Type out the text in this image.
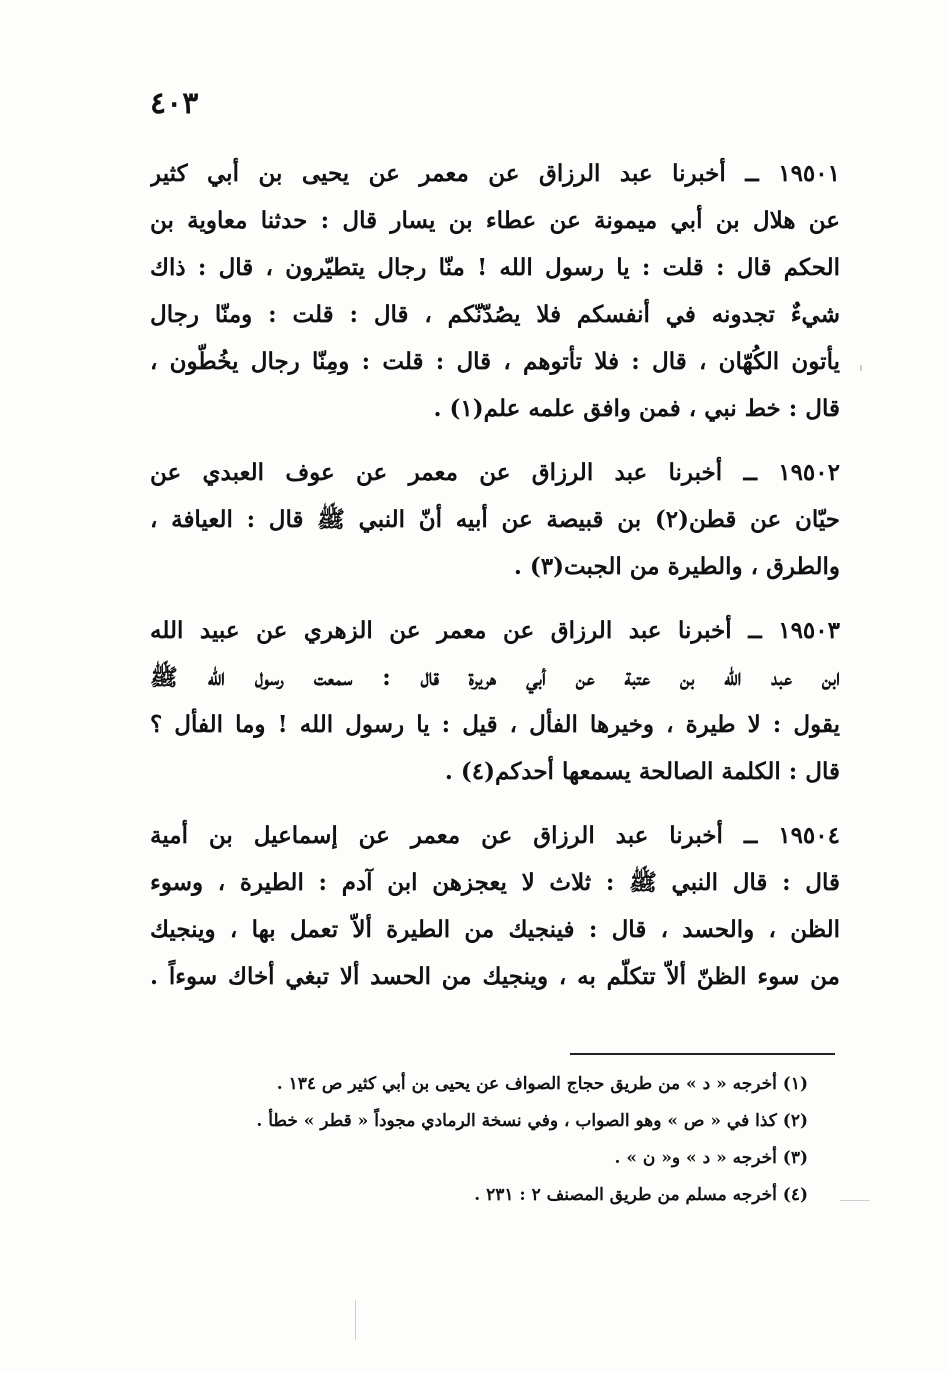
٤٠٣
١٩٥٠١ ــ أخبرنا عبد الرزاق عن معمر عن يحيى بن أبي كثير
عن هلال بن أبي ميمونة عن عطاء بن يسار قال : حدثنا معاوية بن
الحكم قال : قلت : يا رسول الله ! منّا رجال يتطيّرون ، قال : ذاك
شيءٌ تجدونه في أنفسكم فلا يصُدّنّكم ، قال : قلت : ومنّا رجال
يأتون الكُهّان ، قال : فلا تأتوهم ، قال : قلت : ومِنّا رجال يخُطّون ،
قال : خط نبي ، فمن وافق علمه علم(١) .
١٩٥٠٢ ــ أخبرنا عبد الرزاق عن معمر عن عوف العبدي عن
حيّان عن قطن(٢) بن قبيصة عن أبيه أنّ النبي ﷺ قال : العيافة ،
والطرق ، والطيرة من الجبت(٣) .
١٩٥٠٣ ــ أخبرنا عبد الرزاق عن معمر عن الزهري عن عبيد الله
ابن عبد الله بن عتبة عن أبي هريرة قال : سمعت رسول الله ﷺ
يقول : لا طيرة ، وخيرها الفأل ، قيل : يا رسول الله ! وما الفأل ؟
قال : الكلمة الصالحة يسمعها أحدكم(٤) .
١٩٥٠٤ ــ أخبرنا عبد الرزاق عن معمر عن إسماعيل بن أمية
قال : قال النبي ﷺ : ثلاث لا يعجزهن ابن آدم : الطيرة ، وسوء
الظن ، والحسد ، قال : فينجيك من الطيرة ألاّ تعمل بها ، وينجيك
من سوء الظنّ ألاّ تتكلّم به ، وينجيك من الحسد ألا تبغي أخاك سوءاً .
(١) أخرجه « د » من طريق حجاج الصواف عن يحيى بن أبي كثير ص ١٣٤ .
(٢) كذا في « ص » وهو الصواب ، وفي نسخة الرمادي مجوداً « قطر » خطأ .
(٣) أخرجه « د » و« ن » .
(٤) أخرجه مسلم من طريق المصنف ٢ : ٢٣١ .
